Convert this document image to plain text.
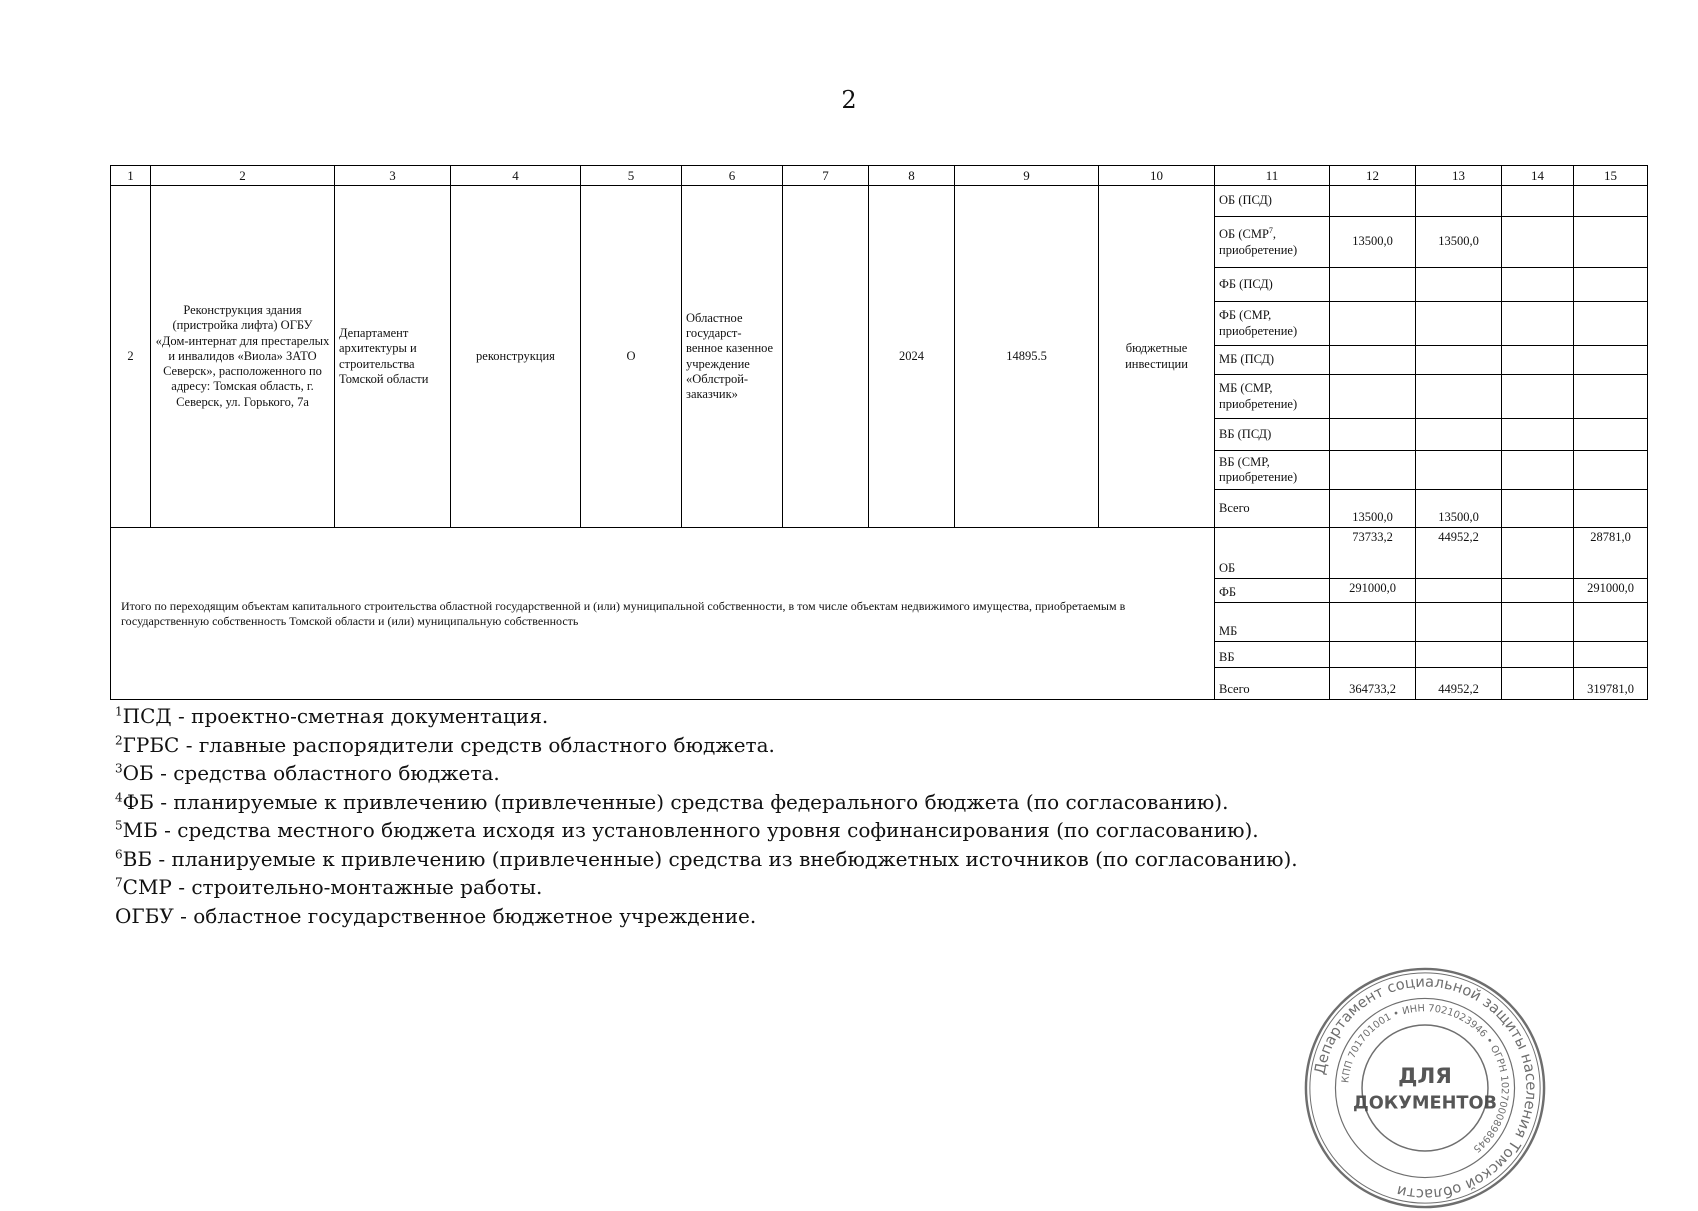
2
1	2	3	4	5	6	7	8	9	10	11	12	13	14	15
2	Реконструкция здания (пристройка лифта) ОГБУ «Дом-интернат для престарелых и инвалидов «Виола» ЗАТО Северск», расположенного по адресу: Томская область, г. Северск, ул. Горького, 7а	Департамент архитектуры и строительства Томской области	реконструкция	О	Областное государст-венное казенное учреждение «Облстрой-заказчик»		2024	14895.5	бюджетные инвестиции	ОБ (ПСД)				
										ОБ (СМР$^7$, приобретение)	13500,0	13500,0		
										ФБ (ПСД)				
										ФБ (СМР, приобретение)				
										МБ (ПСД)				
										МБ (СМР, приобретение)				
										ВБ (ПСД)				
										ВБ (СМР, приобретение)				
										Всего	13500,0	13500,0		
Итого по переходящим объектам капитального строительства областной государственной и (или) муниципальной собственности, в том числе объектам недвижимого имущества, приобретаемым в государственную собственность Томской области и (или) муниципальную собственность										ОБ	73733,2	44952,2		28781,0
										ФБ	291000,0			291000,0
										МБ				
										ВБ				
										Всего	364733,2	44952,2		319781,0
$^1$ПСД - проектно-сметная документация.
$^2$ГРБС - главные распорядители средств областного бюджета.
$^3$ОБ - средства областного бюджета.
$^4$ФБ - планируемые к привлечению (привлеченные) средства федерального бюджета (по согласованию).
$^5$МБ - средства местного бюджета исходя из установленного уровня софинансирования (по согласованию).
$^6$ВБ - планируемые к привлечению (привлеченные) средства из внебюджетных источников (по согласованию).
$^7$СМР - строительно-монтажные работы.
ОГБУ - областное государственное бюджетное учреждение.
Департамент социальной защиты населения Томской области
КПП 701701001 • ИНН 7021023946 • ОГРН 1027000898945
ДЛЯ
ДОКУМЕНТОВ
